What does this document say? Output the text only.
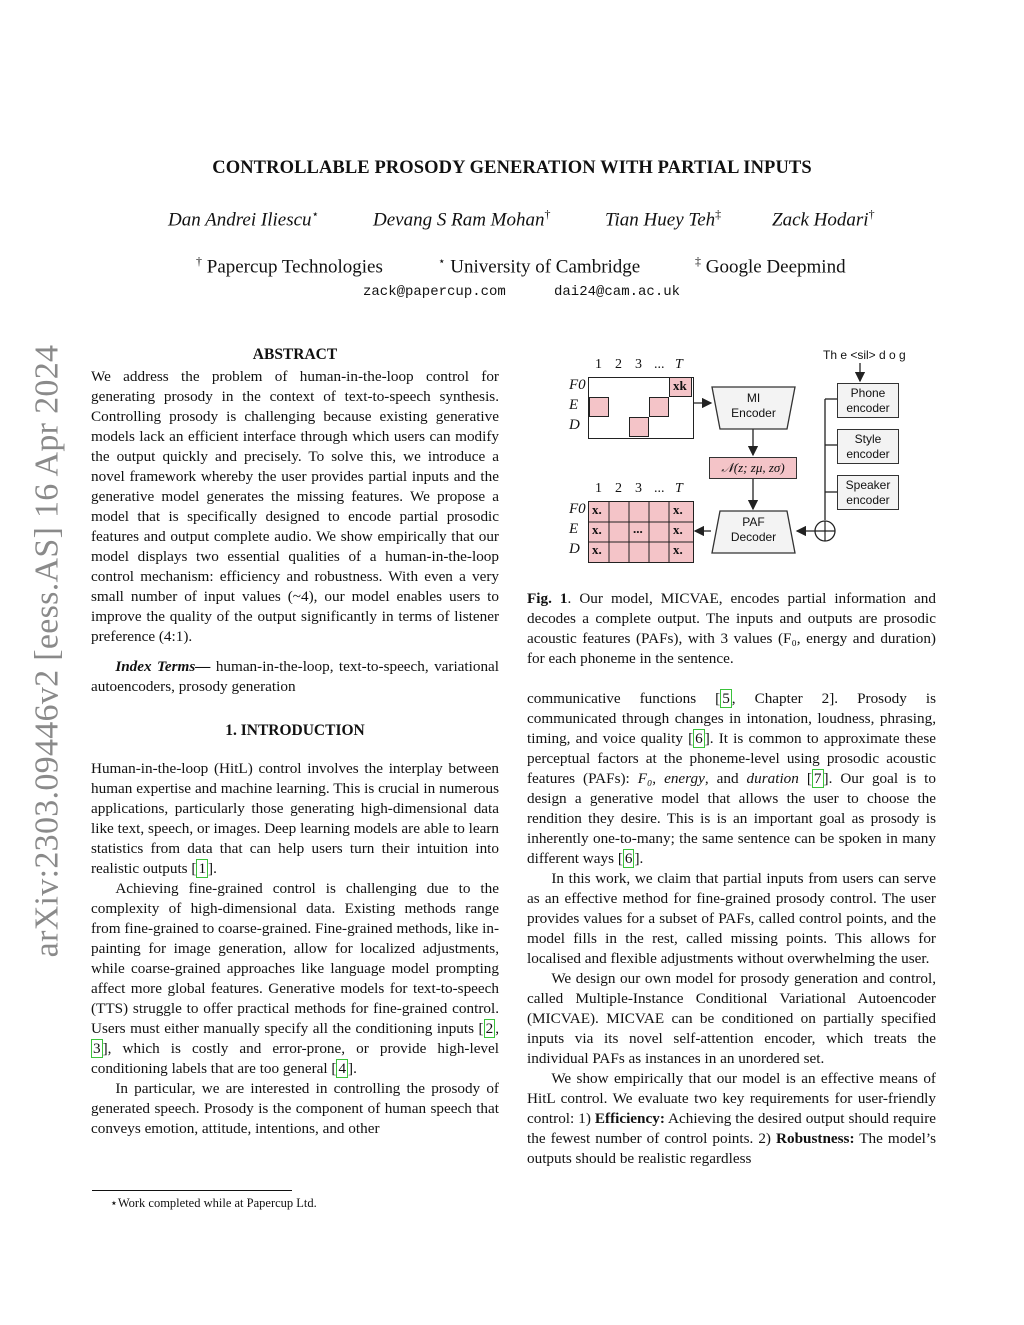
arXiv:2303.09446v2 [eess.AS] 16 Apr 2024
CONTROLLABLE PROSODY GENERATION WITH PARTIAL INPUTS
Dan Andrei Iliescu⋆	Devang S Ram Mohan†	Tian Huey Teh‡	Zack Hodari†
† Papercup Technologies	⋆ University of Cambridge	‡ Google Deepmind
zack@papercup.com	dai24@cam.ac.uk

ABSTRACT

We address the problem of human-in-the-loop control for generating prosody in the context of text-to-speech synthesis. Controlling prosody is challenging because existing generative models lack an efficient interface through which users can modify the output quickly and precisely. To solve this, we introduce a novel framework whereby the user provides partial inputs and the generative model generates the missing features. We propose a model that is specifically designed to encode partial prosodic features and output complete audio. We show empirically that our model displays two essential qualities of a human-in-the-loop control mechanism: efficiency and robustness. With even a very small number of input values (~4), our model enables users to improve the quality of the output significantly in terms of listener preference (4:1).

Index Terms— human-in-the-loop, text-to-speech, variational autoencoders, prosody generation

1. INTRODUCTION

Human-in-the-loop (HitL) control involves the interplay between human expertise and machine learning. This is crucial in numerous applications, particularly those generating high-dimensional data like text, speech, or images. Deep learning models are able to learn statistics from data that can help users turn their intuition into realistic outputs [ 1 ].

Achieving fine-grained control is challenging due to the complexity of high-dimensional data. Existing methods range from fine-grained to coarse-grained. Fine-grained methods, like in-painting for image generation, allow for localized adjustments, while coarse-grained approaches like language model prompting affect more global features. Generative models for text-to-speech (TTS) struggle to offer practical methods for fine-grained control. Users must either manually specify all the conditioning inputs [ 2 , 3 ], which is costly and error-prone, or provide high-level conditioning labels that are too general [ 4 ].

In particular, we are interested in controlling the prosody of generated speech. Prosody is the component of human speech that conveys emotion, attitude, intentions, and other

⋆Work completed while at Papercup Ltd.
Th e <sil> d o g
1 2 3 ... T
F0
E
D
xk
1 2 3 ... T
F0
E
D
x.	x.
x. ... x.
x.	x.
MI
Encoder
PAF
Decoder
𝒩(z; zμ, zσ)
Phone
encoder
Style
encoder
Speaker
encoder
Fig. 1. Our model, MICVAE, encodes partial information and decodes a complete output. The inputs and outputs are prosodic acoustic features (PAFs), with 3 values (F₀, energy and duration) for each phoneme in the sentence.

communicative functions [ 5 , Chapter 2]. Prosody is communicated through changes in intonation, loudness, phrasing, timing, and voice quality [ 6 ]. It is common to approximate these perceptual factors at the phoneme-level using prosodic acoustic features (PAFs): F₀, energy, and duration [ 7 ]. Our goal is to design a generative model that allows the user to choose the rendition they desire. This is is an important goal as prosody is inherently one-to-many; the same sentence can be spoken in many different ways [ 6 ].

In this work, we claim that partial inputs from users can serve as an effective method for fine-grained prosody control. The user provides values for a subset of PAFs, called control points, and the model fills in the rest, called missing points. This allows for localised and flexible adjustments without overwhelming the user.

We design our own model for prosody generation and control, called Multiple-Instance Conditional Variational Autoencoder (MICVAE). MICVAE can be conditioned on partially specified inputs via its novel self-attention encoder, which treats the individual PAFs as instances in an unordered set.

We show empirically that our model is an effective means of HitL control. We evaluate two key requirements for user-friendly control: 1) Efficiency: Achieving the desired output should require the fewest number of control points. 2) Robustness: The model’s outputs should be realistic regardless
